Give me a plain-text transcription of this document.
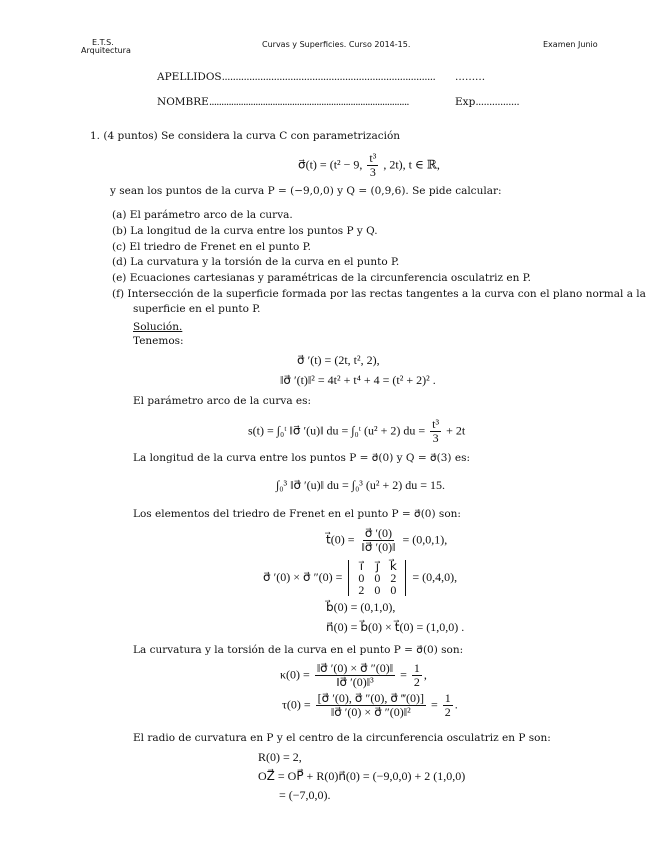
E.T.S.
Arquitectura
Curvas y Superficies. Curso 2014-15.	Examen Junio
APELLIDOS.............................................................................. .........
NOMBRE..................................................................................	Exp................
1. (4 puntos) Se considera la curva C con parametrización
σ⃗(t) = (t² − 9, $\frac{\text{t³}}{3}$ , 2t), t ∈ ℝ,
y sean los puntos de la curva P = (−9,0,0) y Q = (0,9,6). Se pide calcular:
(a) El parámetro arco de la curva.
(b) La longitud de la curva entre los puntos P y Q.
(c) El triedro de Frenet en el punto P.
(d) La curvatura y la torsión de la curva en el punto P.
(e) Ecuaciones cartesianas y paramétricas de la circunferencia osculatriz en P.
(f) Intersección de la superficie formada por las rectas tangentes a la curva con el plano normal a la
superficie en el punto P.
Solución.
Tenemos:
σ⃗ ′(t) = (2t, t², 2),
‖σ⃗ ′(t)‖² = 4t² + t⁴ + 4 = (t² + 2)² .
El parámetro arco de la curva es:
s(t) = ∫₀ᵗ ‖σ⃗ ′(u)‖ du = ∫₀ᵗ (u² + 2) du = $\frac{\text{t³}}{3} + 2t$
La longitud de la curva entre los puntos P = σ⃗(0) y Q = σ⃗(3) es:
∫₀³ ‖σ⃗ ′(u)‖ du = ∫₀³ (u² + 2) du = 15.
Los elementos del triedro de Frenet en el punto P = σ⃗(0) son:
t⃗(0) = $\frac{\sigma⃗ '(0)}{‖\sigma⃗ '(0)‖} = (0,0,1)$,
σ⃗ ′(0) × σ⃗ ″(0) =
i⃗	j⃗ k⃗
0 0 2
2 0 0
= (0,4,0),
b⃗(0) = (0,1,0),
n⃗(0) = b⃗(0) × t⃗(0) = (1,0,0) .
La curvatura y la torsión de la curva en el punto P = σ⃗(0) son:
$\kappa(0) = \frac{‖\sigma⃗ '(0) \times \sigma⃗ ''(0)‖}{\text{‖σ⃗ ′(0)‖³}} = \frac{1}{2}$ ,
$\tau(0) = \frac{[\sigma⃗ '(0), \sigma⃗ ''(0), \sigma⃗ ‴(0)]}{\text{‖σ⃗ ′(0) × σ⃗ ″(0)‖²}} = \frac{1}{2}$ .
El radio de curvatura en P y el centro de la circunferencia osculatriz en P son:
R(0) = 2,
OZ⃗ = OP⃗ + R(0)n⃗(0) = (−9,0,0) + 2 (1,0,0)
= (−7,0,0).
